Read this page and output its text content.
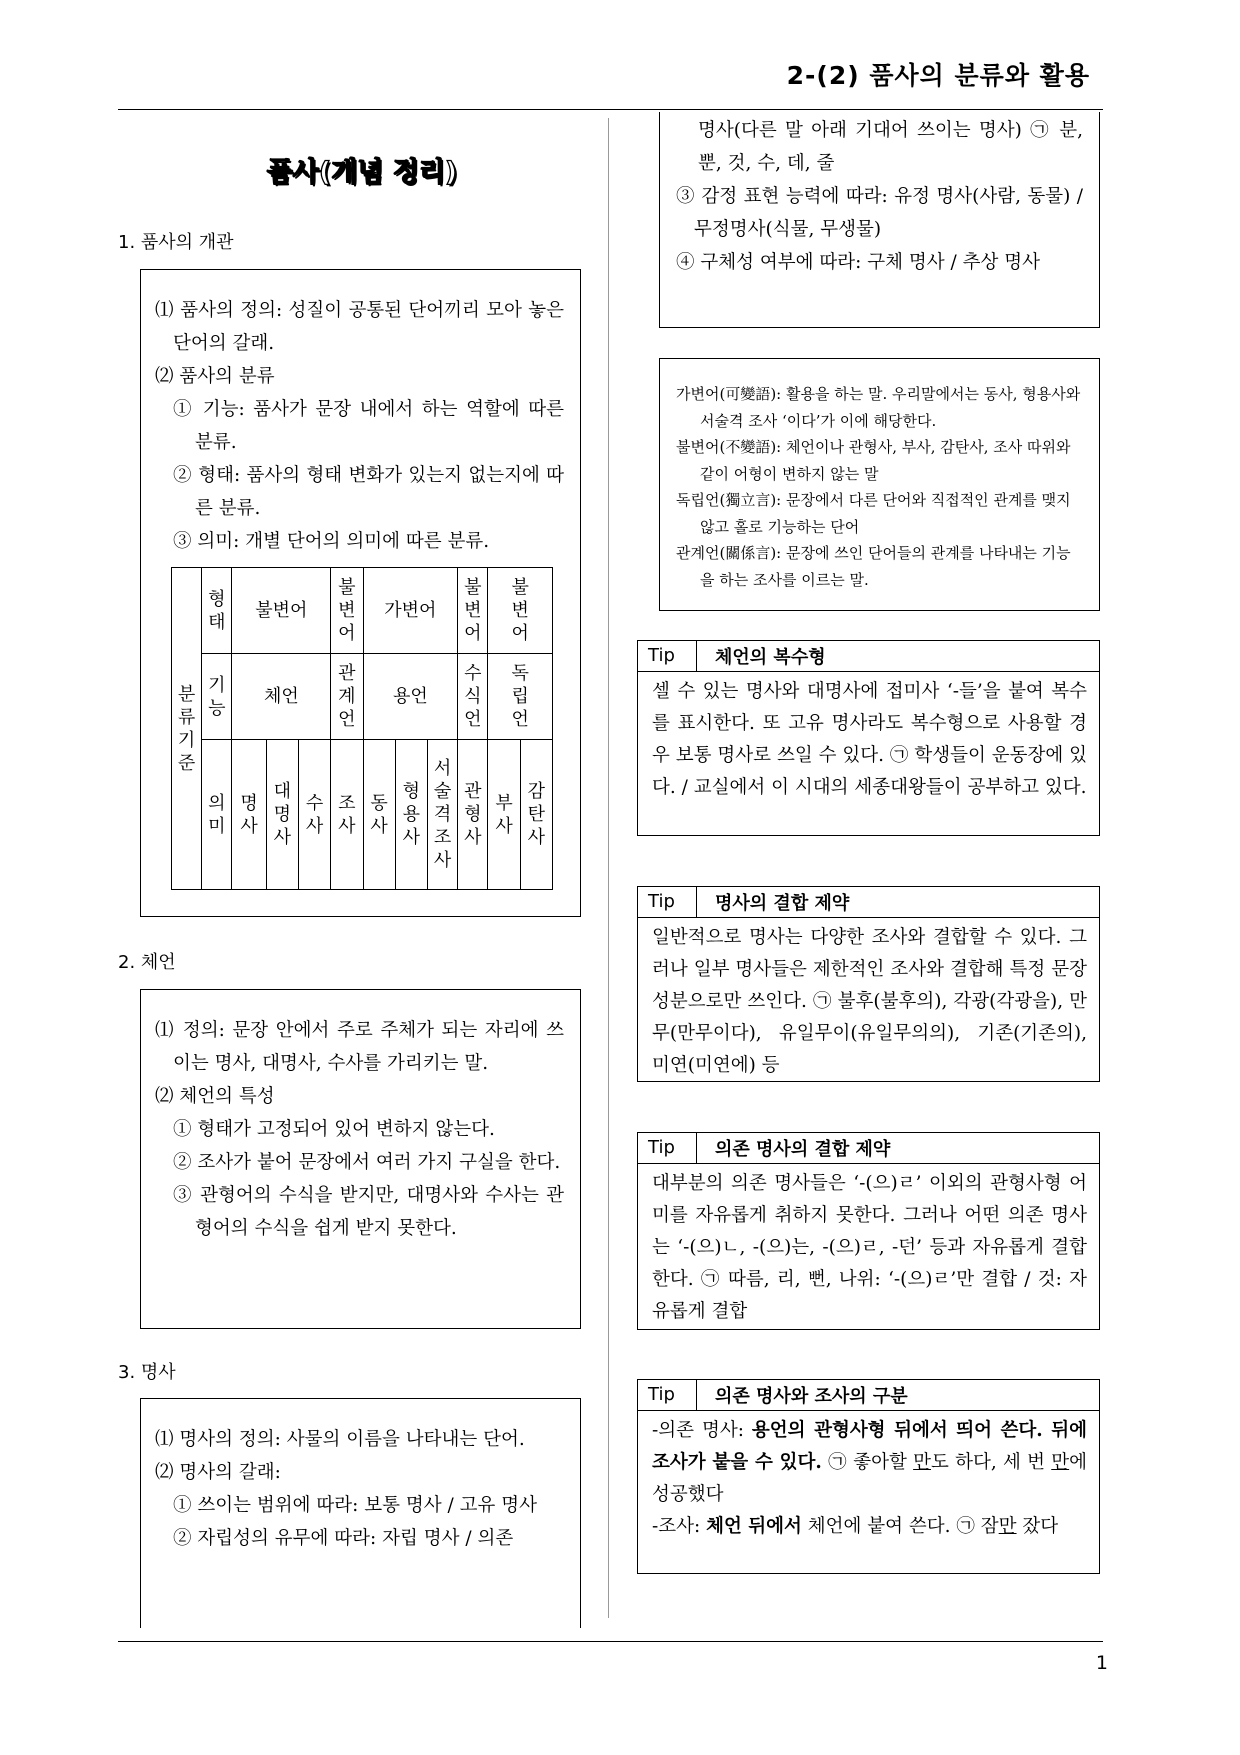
2-(2) 품사의 분류와 활용
품사(개념 정리)
1. 품사의 개관

⑴ 품사의 정의: 성질이 공통된 단어끼리 모아 놓은 단어의 갈래.

⑵ 품사의 분류

① 기능: 품사가 문장 내에서 하는 역할에 따른 분류.

② 형태: 품사의 형태 변화가 있는지 없는지에 따른 분류.

③ 의미: 개별 단어의 의미에 따른 분류.

분류 기준	형태	불변어			불변어	가변어			불변어	불변어	
	기능	체언			관계언	용언			수식언	독립언	
	의미	명사	대명사	수사	조사	동사	형용사	서술격조사	관형사	부사	감탄사
2. 체언

⑴ 정의: 문장 안에서 주로 주체가 되는 자리에 쓰이는 명사, 대명사, 수사를 가리키는 말.

⑵ 체언의 특성

① 형태가 고정되어 있어 변하지 않는다.

② 조사가 붙어 문장에서 여러 가지 구실을 한다.

③ 관형어의 수식을 받지만, 대명사와 수사는 관형어의 수식을 쉽게 받지 못한다.

3. 명사

⑴ 명사의 정의: 사물의 이름을 나타내는 단어.

⑵ 명사의 갈래:

① 쓰이는 범위에 따라: 보통 명사 / 고유 명사

② 자립성의 유무에 따라: 자립 명사 / 의존

명사(다른 말 아래 기대어 쓰이는 명사) ㉠ 분, 뿐, 것, 수, 데, 줄

③ 감정 표현 능력에 따라: 유정 명사(사람, 동물) / 무정명사(식물, 무생물)

④ 구체성 여부에 따라: 구체 명사 / 추상 명사

가변어(可變語): 활용을 하는 말. 우리말에서는 동사, 형용사와 서술격 조사 ‘이다’가 이에 해당한다.

불변어(不變語): 체언이나 관형사, 부사, 감탄사, 조사 따위와 같이 어형이 변하지 않는 말

독립언(獨立言): 문장에서 다른 단어와 직접적인 관계를 맺지 않고 홀로 기능하는 단어

관계언(關係言): 문장에 쓰인 단어들의 관계를 나타내는 기능을 하는 조사를 이르는 말.

Tip	체언의 복수형

셀 수 있는 명사와 대명사에 접미사 ‘-들’을 붙여 복수를 표시한다. 또 고유 명사라도 복수형으로 사용할 경우 보통 명사로 쓰일 수 있다. ㉠ 학생들이 운동장에 있다. / 교실에서 이 시대의 세종대왕들이 공부하고 있다.

Tip	명사의 결합 제약

일반적으로 명사는 다양한 조사와 결합할 수 있다. 그러나 일부 명사들은 제한적인 조사와 결합해 특정 문장 성분으로만 쓰인다. ㉠ 불후(불후의), 각광(각광을), 만무(만무이다), 유일무이(유일무의의), 기존(기존의), 미연(미연에) 등

Tip	의존 명사의 결합 제약

대부분의 의존 명사들은 ‘-(으)ㄹ’ 이외의 관형사형 어미를 자유롭게 취하지 못한다. 그러나 어떤 의존 명사는 ‘-(으)ㄴ, -(으)는, -(으)ㄹ, -던’ 등과 자유롭게 결합한다. ㉠ 따름, 리, 뻔, 나위: ‘-(으)ㄹ’만 결합 / 것: 자유롭게 결합

Tip	의존 명사와 조사의 구분

-의존 명사: 용언의 관형사형 뒤에서 띄어 쓴다. 뒤에 조사가 붙을 수 있다. ㉠ 좋아할 만도 하다, 세 번 만에 성공했다

-조사: 체언 뒤에서 체언에 붙여 쓴다. ㉠ 잠만 잤다

1
